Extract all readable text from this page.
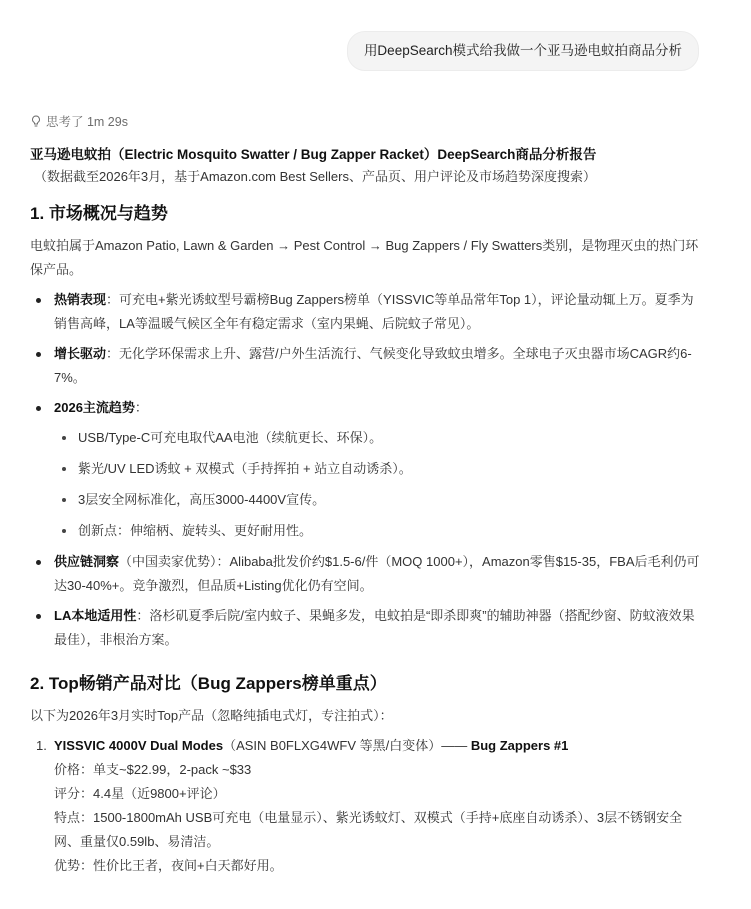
用DeepSearch模式给我做一个亚马逊电蚊拍商品分析
思考了 1m 29s
亚马逊电蚊拍（Electric Mosquito Swatter / Bug Zapper Racket）DeepSearch商品分析报告
（数据截至2026年3月，基于Amazon.com Best Sellers、产品页、用户评论及市场趋势深度搜索）
1. 市场概况与趋势

电蚊拍属于Amazon Patio, Lawn & Garden → Pest Control → Bug Zappers / Fly Swatters类别，是物理灭虫的热门环保产品。

热销表现：可充电+紫光诱蚊型号霸榜Bug Zappers榜单（YISSVIC等单品常年Top 1），评论量动辄上万。夏季为销售高峰，LA等温暖气候区全年有稳定需求（室内果蝇、后院蚊子常见）。
增长驱动：无化学环保需求上升、露营/户外生活流行、气候变化导致蚊虫增多。全球电子灭虫器市场CAGR约6-7%。
2026主流趋势：
USB/Type-C可充电取代AA电池（续航更长、环保）。
紫光/UV LED诱蚊 + 双模式（手持挥拍 + 站立自动诱杀）。
3层安全网标准化，高压3000-4400V宣传。
创新点：伸缩柄、旋转头、更好耐用性。
供应链洞察（中国卖家优势）：Alibaba批发价约$1.5-6/件（MOQ 1000+），Amazon零售$15-35，FBA后毛利仍可达30-40%+。竞争激烈，但品质+Listing优化仍有空间。
LA本地适用性：洛杉矶夏季后院/室内蚊子、果蝇多发，电蚊拍是“即杀即爽”的辅助神器（搭配纱窗、防蚊液效果最佳），非根治方案。
2. Top畅销产品对比（Bug Zappers榜单重点）

以下为2026年3月实时Top产品（忽略纯插电式灯，专注拍式）：

1. YISSVIC 4000V Dual Modes（ASIN B0FLXG4WFV 等黑/白变体）—— Bug Zappers #1
价格：单支~$22.99，2-pack ~$33
评分：4.4星（近9800+评论）
特点：1500-1800mAh USB可充电（电量显示）、紫光诱蚊灯、双模式（手持+底座自动诱杀）、3层不锈钢安全网、重量仅0.59lb、易清洁。
优势：性价比王者，夜间+白天都好用。
